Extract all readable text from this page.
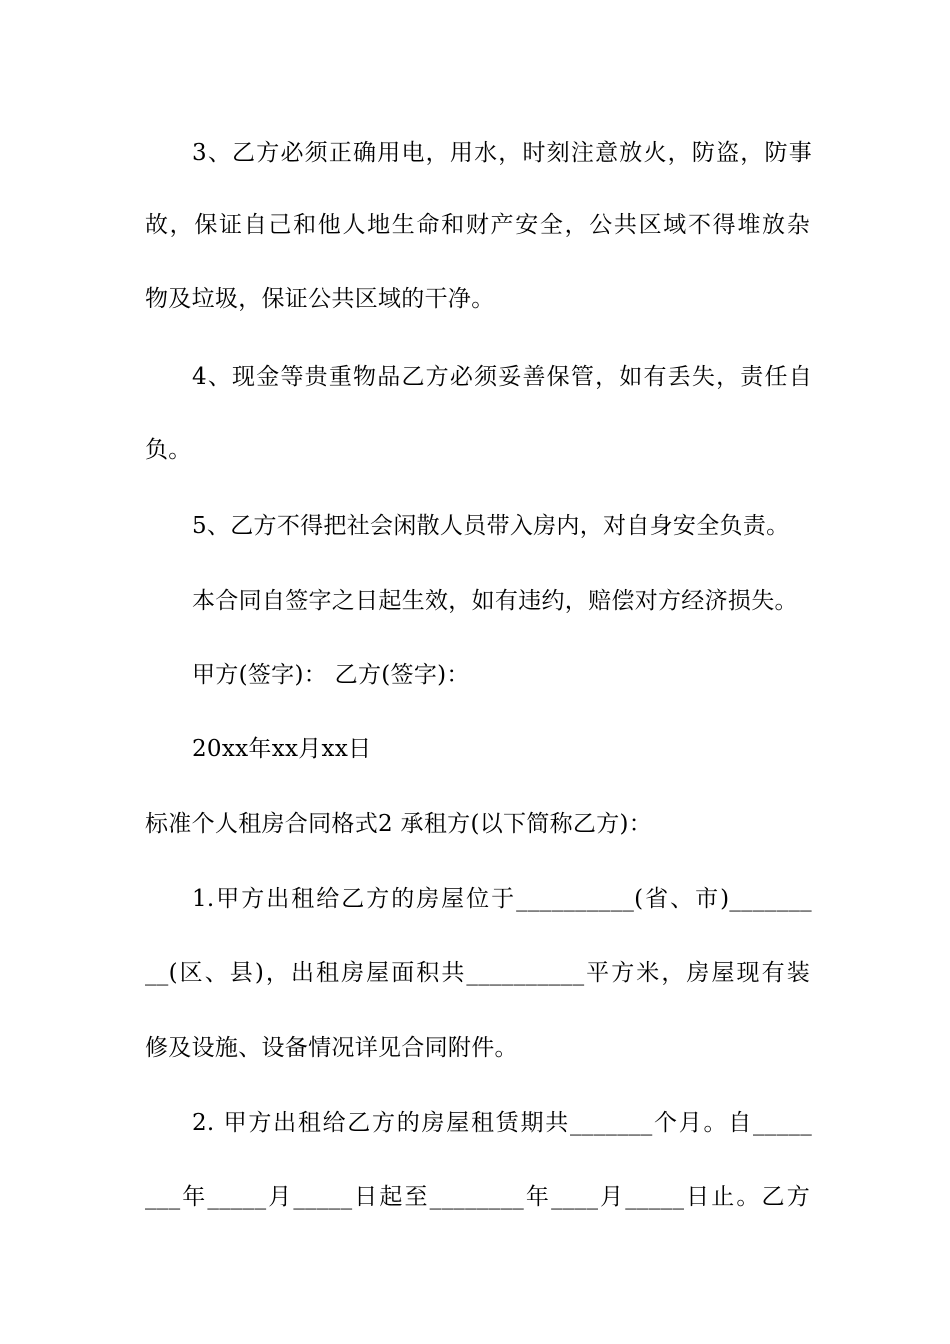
3、乙方必须正确用电，用水，时刻注意放火，防盗，防事
故，保证自己和他人地生命和财产安全，公共区域不得堆放杂
物及垃圾，保证公共区域的干净。
4、现金等贵重物品乙方必须妥善保管，如有丢失，责任自
负。
5、乙方不得把社会闲散人员带入房内，对自身安全负责。
本合同自签字之日起生效，如有违约，赔偿对方经济损失。
甲方(签字)： 乙方(签字)：
20xx年xx月xx日
标准个人租房合同格式2 承租方(以下简称乙方)：
1.甲方出租给乙方的房屋位于__________(省、市)_______
__(区、县)，出租房屋面积共__________平方米，房屋现有装
修及设施、设备情况详见合同附件。
2. 甲方出租给乙方的房屋租赁期共_______个月。自_____
___年_____月_____日起至________年____月_____日止。乙方
